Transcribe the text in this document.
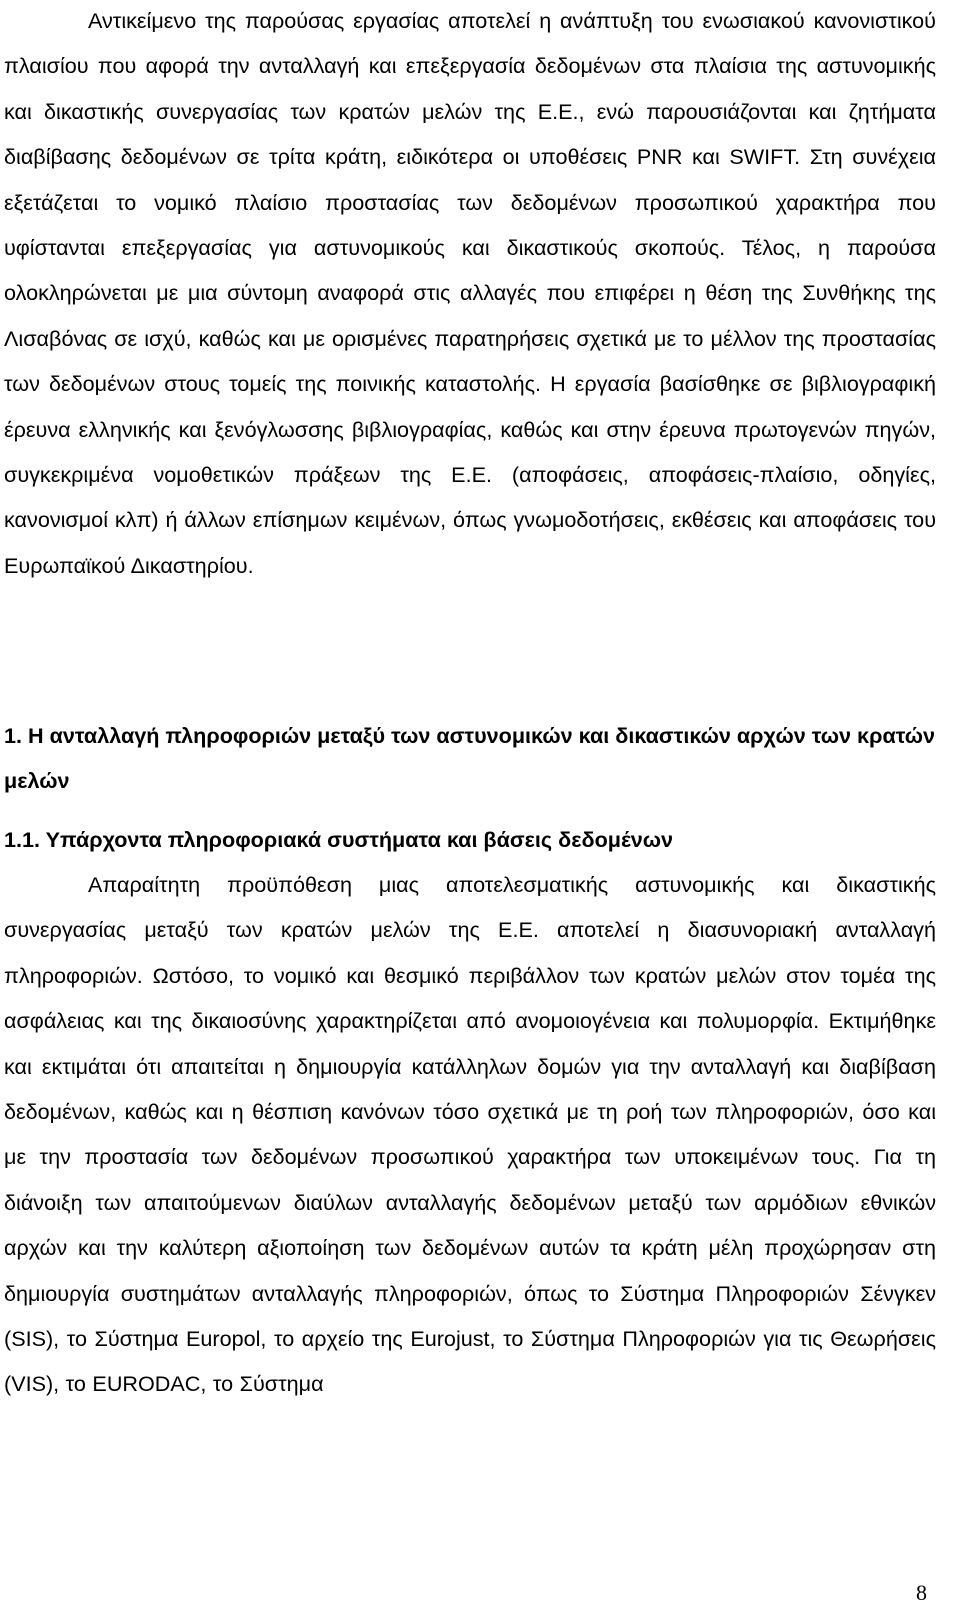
Αντικείμενο της παρούσας εργασίας αποτελεί η ανάπτυξη του ενωσιακού κανονιστικού πλαισίου που αφορά την ανταλλαγή και επεξεργασία δεδομένων στα πλαίσια της αστυνομικής και δικαστικής συνεργασίας των κρατών μελών της Ε.Ε., ενώ παρουσιάζονται και ζητήματα διαβίβασης δεδομένων σε τρίτα κράτη, ειδικότερα οι υποθέσεις PNR και SWIFT. Στη συνέχεια εξετάζεται το νομικό πλαίσιο προστασίας των δεδομένων προσωπικού χαρακτήρα που υφίστανται επεξεργασίας για αστυνομικούς και δικαστικούς σκοπούς. Τέλος, η παρούσα ολοκληρώνεται με μια σύντομη αναφορά στις αλλαγές που επιφέρει η θέση της Συνθήκης της Λισαβόνας σε ισχύ, καθώς και με ορισμένες παρατηρήσεις σχετικά με το μέλλον της προστασίας των δεδομένων στους τομείς της ποινικής καταστολής. Η εργασία βασίσθηκε σε βιβλιογραφική έρευνα ελληνικής και ξενόγλωσσης βιβλιογραφίας, καθώς και στην έρευνα πρωτογενών πηγών, συγκεκριμένα νομοθετικών πράξεων της Ε.Ε. (αποφάσεις, αποφάσεις-πλαίσιο, οδηγίες, κανονισμοί κλπ) ή άλλων επίσημων κειμένων, όπως γνωμοδοτήσεις, εκθέσεις και αποφάσεις του Ευρωπαϊκού Δικαστηρίου.

1. Η ανταλλαγή πληροφοριών μεταξύ των αστυνομικών και δικαστικών αρχών των κρατών μελών
1.1. Υπάρχοντα πληροφοριακά συστήματα και βάσεις δεδομένων

Απαραίτητη προϋπόθεση μιας αποτελεσματικής αστυνομικής και δικαστικής συνεργασίας μεταξύ των κρατών μελών της Ε.Ε. αποτελεί η διασυνοριακή ανταλλαγή πληροφοριών. Ωστόσο, το νομικό και θεσμικό περιβάλλον των κρατών μελών στον τομέα της ασφάλειας και της δικαιοσύνης χαρακτηρίζεται από ανομοιογένεια και πολυμορφία. Εκτιμήθηκε και εκτιμάται ότι απαιτείται η δημιουργία κατάλληλων δομών για την ανταλλαγή και διαβίβαση δεδομένων, καθώς και η θέσπιση κανόνων τόσο σχετικά με τη ροή των πληροφοριών, όσο και με την προστασία των δεδομένων προσωπικού χαρακτήρα των υποκειμένων τους. Για τη διάνοιξη των απαιτούμενων διαύλων ανταλλαγής δεδομένων μεταξύ των αρμόδιων εθνικών αρχών και την καλύτερη αξιοποίηση των δεδομένων αυτών τα κράτη μέλη προχώρησαν στη δημιουργία συστημάτων ανταλλαγής πληροφοριών, όπως το Σύστημα Πληροφοριών Σένγκεν (SIS), το Σύστημα Europol, το αρχείο της Eurojust, το Σύστημα Πληροφοριών για τις Θεωρήσεις (VIS), το EURODAC, το Σύστημα

8
